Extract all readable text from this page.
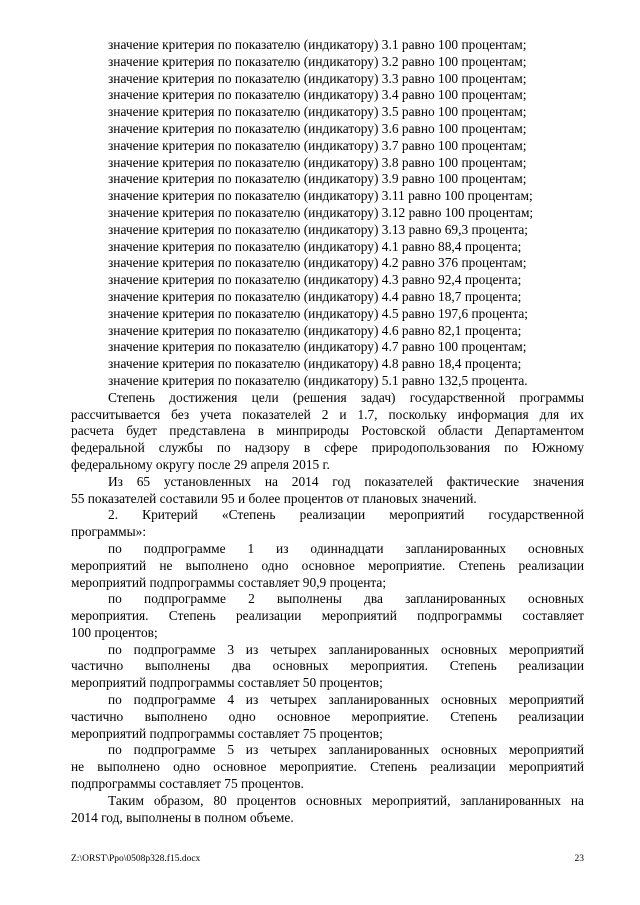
значение критерия по показателю (индикатору) 3.1 равно 100 процентам;
значение критерия по показателю (индикатору) 3.2 равно 100 процентам;
значение критерия по показателю (индикатору) 3.3 равно 100 процентам;
значение критерия по показателю (индикатору) 3.4 равно 100 процентам;
значение критерия по показателю (индикатору) 3.5 равно 100 процентам;
значение критерия по показателю (индикатору) 3.6 равно 100 процентам;
значение критерия по показателю (индикатору) 3.7 равно 100 процентам;
значение критерия по показателю (индикатору) 3.8 равно 100 процентам;
значение критерия по показателю (индикатору) 3.9 равно 100 процентам;
значение критерия по показателю (индикатору) 3.11 равно 100 процентам;
значение критерия по показателю (индикатору) 3.12 равно 100 процентам;
значение критерия по показателю (индикатору) 3.13 равно 69,3 процента;
значение критерия по показателю (индикатору) 4.1 равно 88,4 процента;
значение критерия по показателю (индикатору) 4.2 равно 376 процентам;
значение критерия по показателю (индикатору) 4.3 равно 92,4 процента;
значение критерия по показателю (индикатору) 4.4 равно 18,7 процента;
значение критерия по показателю (индикатору) 4.5 равно 197,6 процента;
значение критерия по показателю (индикатору) 4.6 равно 82,1 процента;
значение критерия по показателю (индикатору) 4.7 равно 100 процентам;
значение критерия по показателю (индикатору) 4.8 равно 18,4 процента;
значение критерия по показателю (индикатору) 5.1 равно 132,5 процента.
Степень достижения цели (решения задач) государственной программы
рассчитывается без учета показателей 2 и 1.7, поскольку информация для их
расчета будет представлена в минприроды Ростовской области Департаментом
федеральной службы по надзору в сфере природопользования по Южному
федеральному округу после 29 апреля 2015 г.
Из 65 установленных на 2014 год показателей фактические значения
55 показателей составили 95 и более процентов от плановых значений.
2. Критерий «Степень реализации мероприятий государственной
программы»:
по подпрограмме 1 из одиннадцати запланированных основных
мероприятий не выполнено одно основное мероприятие. Степень реализации
мероприятий подпрограммы составляет 90,9 процента;
по подпрограмме 2 выполнены два запланированных основных
мероприятия. Степень реализации мероприятий подпрограммы составляет
100 процентов;
по подпрограмме 3 из четырех запланированных основных мероприятий
частично выполнены два основных мероприятия. Степень реализации
мероприятий подпрограммы составляет 50 процентов;
по подпрограмме 4 из четырех запланированных основных мероприятий
частично выполнено одно основное мероприятие. Степень реализации
мероприятий подпрограммы составляет 75 процентов;
по подпрограмме 5 из четырех запланированных основных мероприятий
не выполнено одно основное мероприятие. Степень реализации мероприятий
подпрограммы составляет 75 процентов.
Таким образом, 80 процентов основных мероприятий, запланированных на
2014 год, выполнены в полном объеме.
Z:\ORST\Ppo\0508p328.f15.docx	23
